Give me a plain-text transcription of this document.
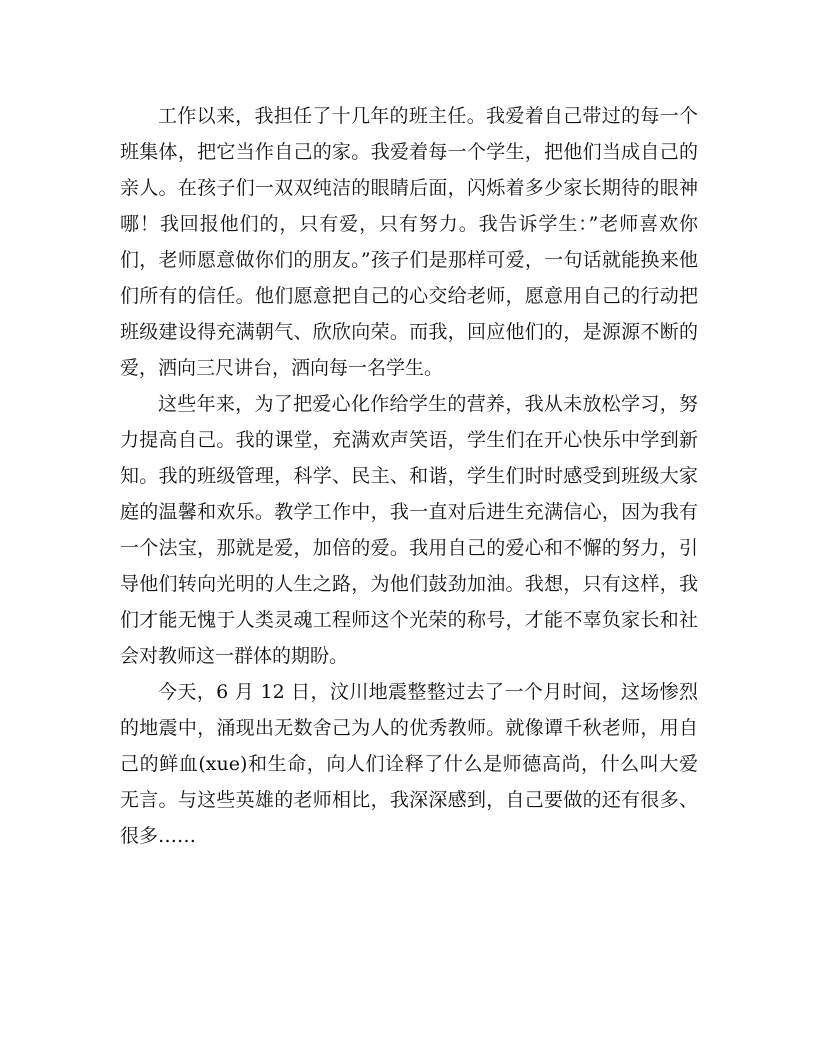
工作以来，我担任了十几年的班主任。我爱着自己带过的每一个班集体，把它当作自己的家。我爱着每一个学生，把他们当成自己的亲人。在孩子们一双双纯洁的眼睛后面，闪烁着多少家长期待的眼神哪！我回报他们的，只有爱，只有努力。我告诉学生：”老师喜欢你们，老师愿意做你们的朋友。”孩子们是那样可爱，一句话就能换来他们所有的信任。他们愿意把自己的心交给老师，愿意用自己的行动把班级建设得充满朝气、欣欣向荣。而我，回应他们的，是源源不断的爱，洒向三尺讲台，洒向每一名学生。

这些年来，为了把爱心化作给学生的营养，我从未放松学习，努力提高自己。我的课堂，充满欢声笑语，学生们在开心快乐中学到新知。我的班级管理，科学、民主、和谐，学生们时时感受到班级大家庭的温馨和欢乐。教学工作中，我一直对后进生充满信心，因为我有一个法宝，那就是爱，加倍的爱。我用自己的爱心和不懈的努力，引导他们转向光明的人生之路，为他们鼓劲加油。我想，只有这样，我们才能无愧于人类灵魂工程师这个光荣的称号，才能不辜负家长和社会对教师这一群体的期盼。

今天，6 月 12 日，汶川地震整整过去了一个月时间，这场惨烈的地震中，涌现出无数舍己为人的优秀教师。就像谭千秋老师，用自己的鲜血(xue)和生命，向人们诠释了什么是师德高尚，什么叫大爱无言。与这些英雄的老师相比，我深深感到，自己要做的还有很多、很多……
